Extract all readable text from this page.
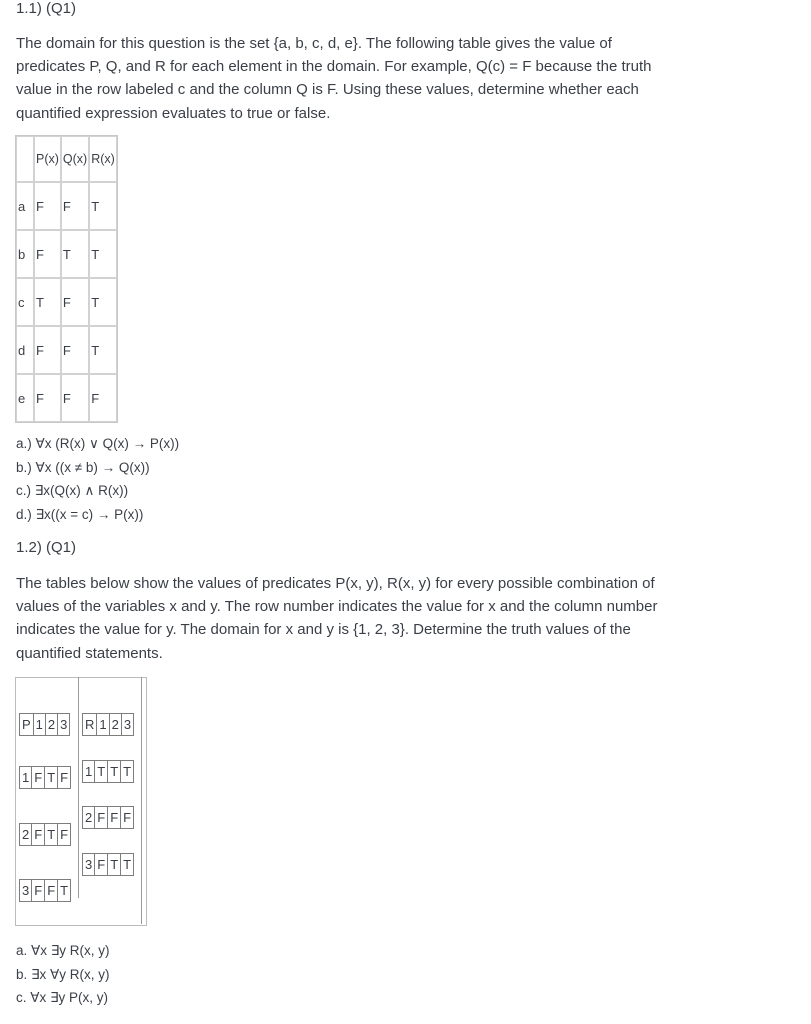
1.1) (Q1)

The domain for this question is the set {a, b, c, d, e}. The following table gives the value of

predicates P, Q, and R for each element in the domain. For example, Q(c) = F because the truth

value in the row labeled c and the column Q is F. Using these values, determine whether each

quantified expression evaluates to true or false.

	P(x)	Q(x)	R(x)
a	F	F	T
b	F	T	T
c	T	F	T
d	F	F	T
e	F	F	F
a.) ∀x (R(x) ∨ Q(x) → P(x))
b.) ∀x ((x ≠ b) → Q(x))
c.) ∃x(Q(x) ∧ R(x))
d.) ∃x((x = c) → P(x))
1.2) (Q1)

The tables below show the values of predicates P(x, y), R(x, y) for every possible combination of

values of the variables x and y. The row number indicates the value for x and the column number

indicates the value for y. The domain for x and y is {1, 2, 3}. Determine the truth values of the

quantified statements.

P	1	2	3
1	F	T	F
2	F	T	F
3	F	F	T
R	1	2	3
1	T	T	T
2	F	F	F
3	F	T	T
a. ∀x ∃y R(x, y)
b. ∃x ∀y R(x, y)
c. ∀x ∃y P(x, y)
